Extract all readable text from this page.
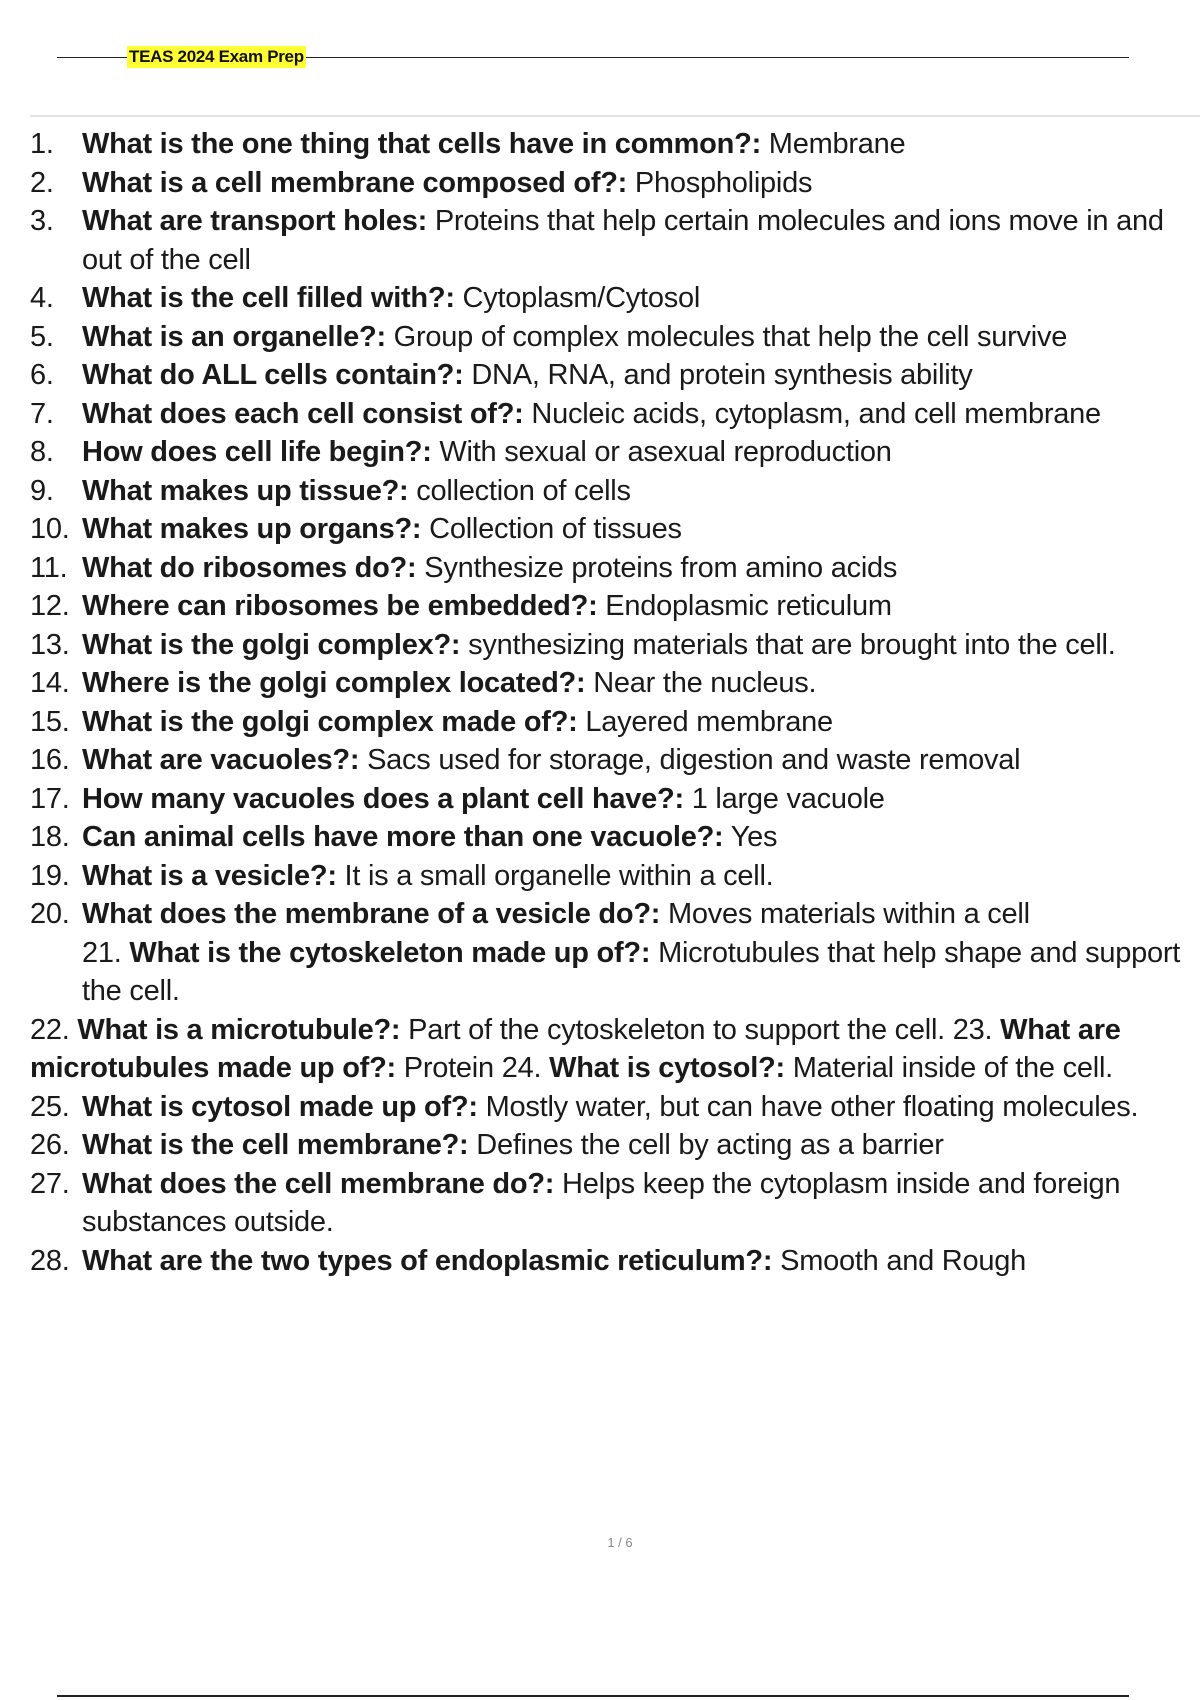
TEAS 2024 Exam Prep
1. What is the one thing that cells have in common?: Membrane
2. What is a cell membrane composed of?: Phospholipids
3. What are transport holes: Proteins that help certain molecules and ions move in and out of the cell
4. What is the cell filled with?: Cytoplasm/Cytosol
5. What is an organelle?: Group of complex molecules that help the cell survive
6. What do ALL cells contain?: DNA, RNA, and protein synthesis ability
7. What does each cell consist of?: Nucleic acids, cytoplasm, and cell membrane
8. How does cell life begin?: With sexual or asexual reproduction
9. What makes up tissue?: collection of cells
10. What makes up organs?: Collection of tissues
11. What do ribosomes do?: Synthesize proteins from amino acids
12. Where can ribosomes be embedded?: Endoplasmic reticulum
13. What is the golgi complex?: synthesizing materials that are brought into the cell.
14. Where is the golgi complex located?: Near the nucleus.
15. What is the golgi complex made of?: Layered membrane
16. What are vacuoles?: Sacs used for storage, digestion and waste removal
17. How many vacuoles does a plant cell have?: 1 large vacuole
18. Can animal cells have more than one vacuole?: Yes
19. What is a vesicle?: It is a small organelle within a cell.
20. What does the membrane of a vesicle do?: Moves materials within a cell
21. What is the cytoskeleton made up of?: Microtubules that help shape and support the cell.
22. What is a microtubule?: Part of the cytoskeleton to support the cell. 23. What are microtubules made up of?: Protein 24. What is cytosol?: Material inside of the cell.
25. What is cytosol made up of?: Mostly water, but can have other floating molecules.
26. What is the cell membrane?: Defines the cell by acting as a barrier
27. What does the cell membrane do?: Helps keep the cytoplasm inside and foreign substances outside.
28. What are the two types of endoplasmic reticulum?: Smooth and Rough
1 / 6
